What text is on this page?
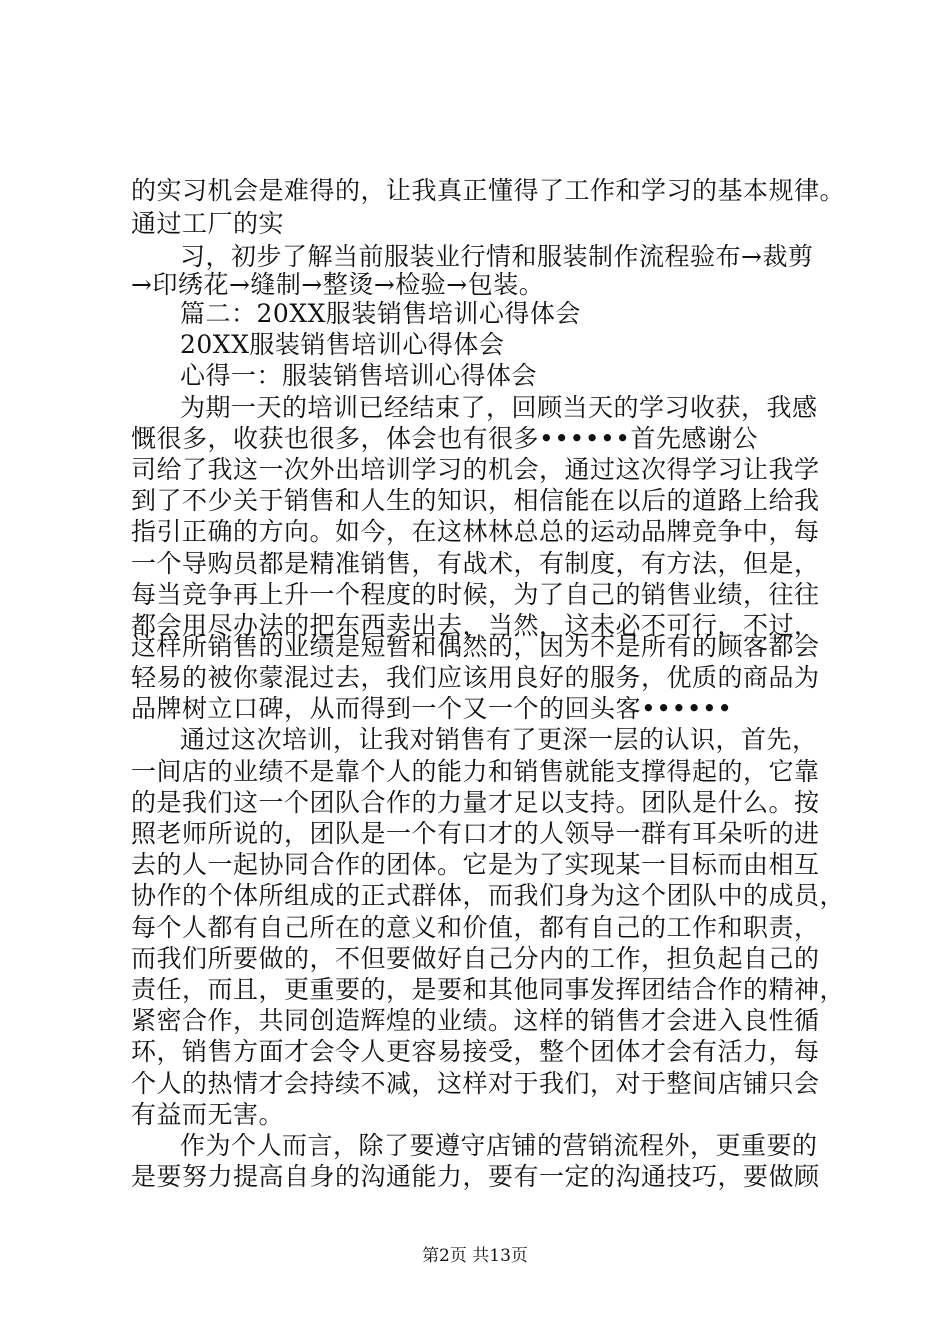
的实习机会是难得的，让我真正懂得了工作和学习的基本规律。
通过工厂的实
习，初步了解当前服装业行情和服装制作流程验布→裁剪
→印绣花→缝制→整烫→检验→包装。
篇二：20XX服装销售培训心得体会
20XX服装销售培训心得体会
心得一：服装销售培训心得体会
为期一天的培训已经结束了，回顾当天的学习收获，我感
慨很多，收获也很多，体会也有很多••••••首先感谢公
司给了我这一次外出培训学习的机会，通过这次得学习让我学
到了不少关于销售和人生的知识，相信能在以后的道路上给我
指引正确的方向。如今，在这林林总总的运动品牌竞争中，每
一个导购员都是精准销售，有战术，有制度，有方法，但是，
每当竞争再上升一个程度的时候，为了自己的销售业绩，往往
都会用尽办法的把东西卖出去，当然，这未必不可行，不过，
这样所销售的业绩是短暂和偶然的，因为不是所有的顾客都会
轻易的被你蒙混过去，我们应该用良好的服务，优质的商品为
品牌树立口碑，从而得到一个又一个的回头客••••••
通过这次培训，让我对销售有了更深一层的认识，首先，
一间店的业绩不是靠个人的能力和销售就能支撑得起的，它靠
的是我们这一个团队合作的力量才足以支持。团队是什么。按
照老师所说的，团队是一个有口才的人领导一群有耳朵听的进
去的人一起协同合作的团体。它是为了实现某一目标而由相互
协作的个体所组成的正式群体，而我们身为这个团队中的成员，
每个人都有自己所在的意义和价值，都有自己的工作和职责，
而我们所要做的，不但要做好自己分内的工作，担负起自己的
责任，而且，更重要的，是要和其他同事发挥团结合作的精神，
紧密合作，共同创造辉煌的业绩。这样的销售才会进入良性循
环，销售方面才会令人更容易接受，整个团体才会有活力，每
个人的热情才会持续不减，这样对于我们，对于整间店铺只会
有益而无害。
作为个人而言，除了要遵守店铺的营销流程外，更重要的
是要努力提高自身的沟通能力，要有一定的沟通技巧，要做顾
第2页 共13页
